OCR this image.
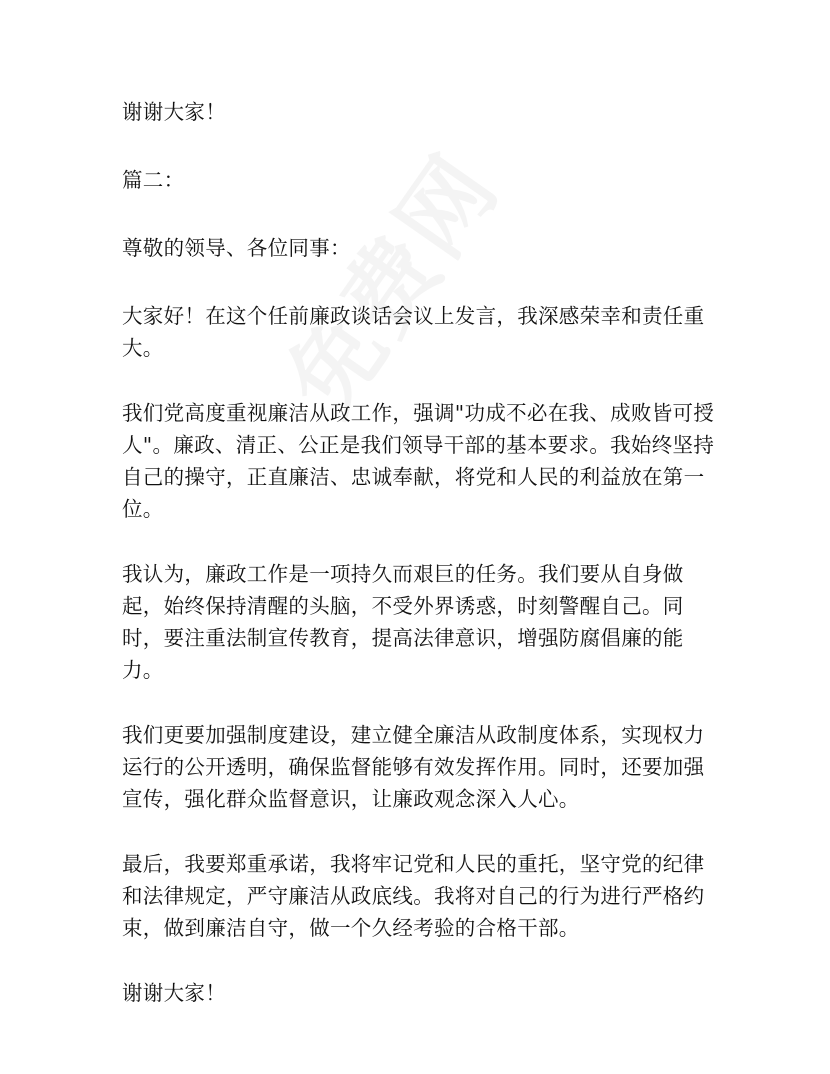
谢谢大家！

篇二：

尊敬的领导、各位同事：

大家好！在这个任前廉政谈话会议上发言，我深感荣幸和责任重大。

我们党高度重视廉洁从政工作，强调"功成不必在我、成败皆可授人"。廉政、清正、公正是我们领导干部的基本要求。我始终坚持自己的操守，正直廉洁、忠诚奉献，将党和人民的利益放在第一位。

我认为，廉政工作是一项持久而艰巨的任务。我们要从自身做起，始终保持清醒的头脑，不受外界诱惑，时刻警醒自己。同时，要注重法制宣传教育，提高法律意识，增强防腐倡廉的能力。

我们更要加强制度建设，建立健全廉洁从政制度体系，实现权力运行的公开透明，确保监督能够有效发挥作用。同时，还要加强宣传，强化群众监督意识，让廉政观念深入人心。

最后，我要郑重承诺，我将牢记党和人民的重托，坚守党的纪律和法律规定，严守廉洁从政底线。我将对自己的行为进行严格约束，做到廉洁自守，做一个久经考验的合格干部。

谢谢大家！
